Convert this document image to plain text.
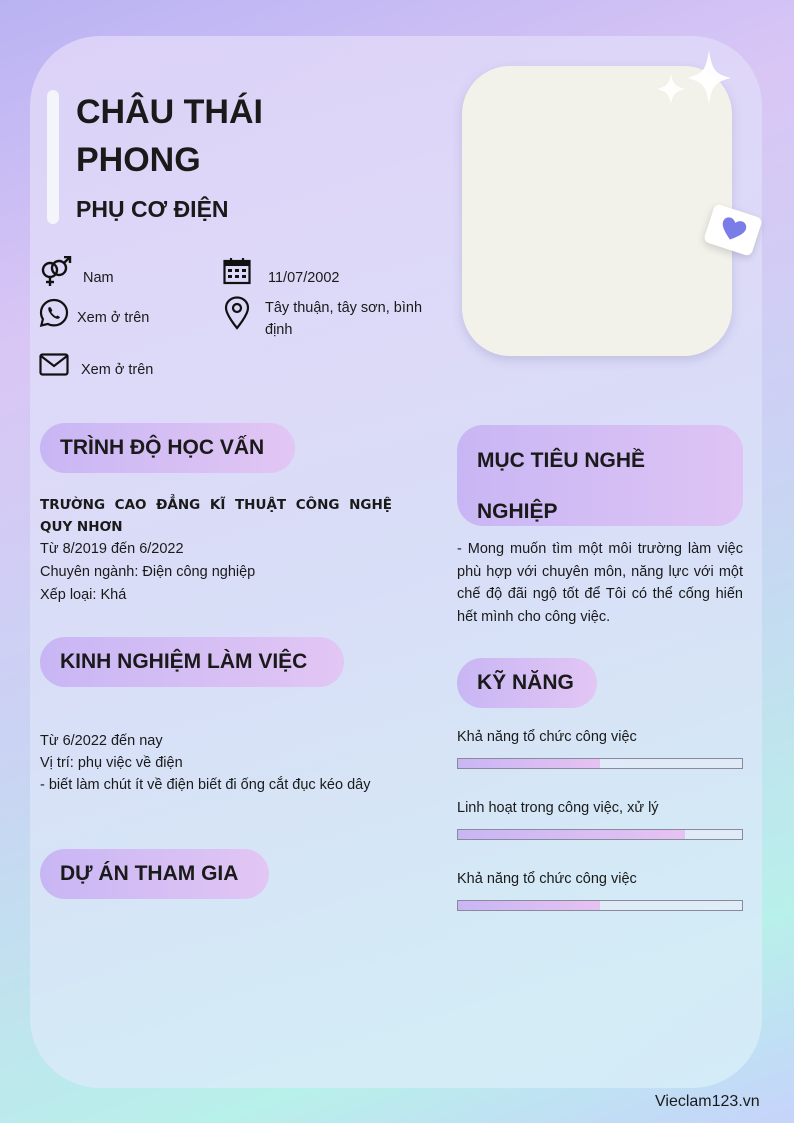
CHÂU THÁI PHONG
PHỤ CƠ ĐIỆN
Nam	11/07/2002
Xem ở trên
Tây thuận, tây sơn, bình định
Xem ở trên
TRÌNH ĐỘ HỌC VẤN
TRƯỜNG CAO ĐẲNG KĨ THUẬT CÔNG NGHỆ QUY NHƠN
Từ 8/2019 đến 6/2022
Chuyên ngành: Điện công nghiệp
Xếp loại: Khá
KINH NGHIỆM LÀM VIỆC
Từ 6/2022 đến nay
Vị trí: phụ việc về điện
- biết làm chút ít về điện biết đi ống cắt đục kéo dây
DỰ ÁN THAM GIA
MỤC TIÊU NGHỀ
NGHIỆP
- Mong muốn tìm một môi trường làm việc phù hợp với chuyên môn, năng lực với một chế độ đãi ngộ tốt để Tôi có thể cống hiến hết mình cho công việc.
KỸ NĂNG
Khả năng tổ chức công việc
Linh hoạt trong công việc, xử lý
Khả năng tổ chức công việc
Vieclam123.vn
